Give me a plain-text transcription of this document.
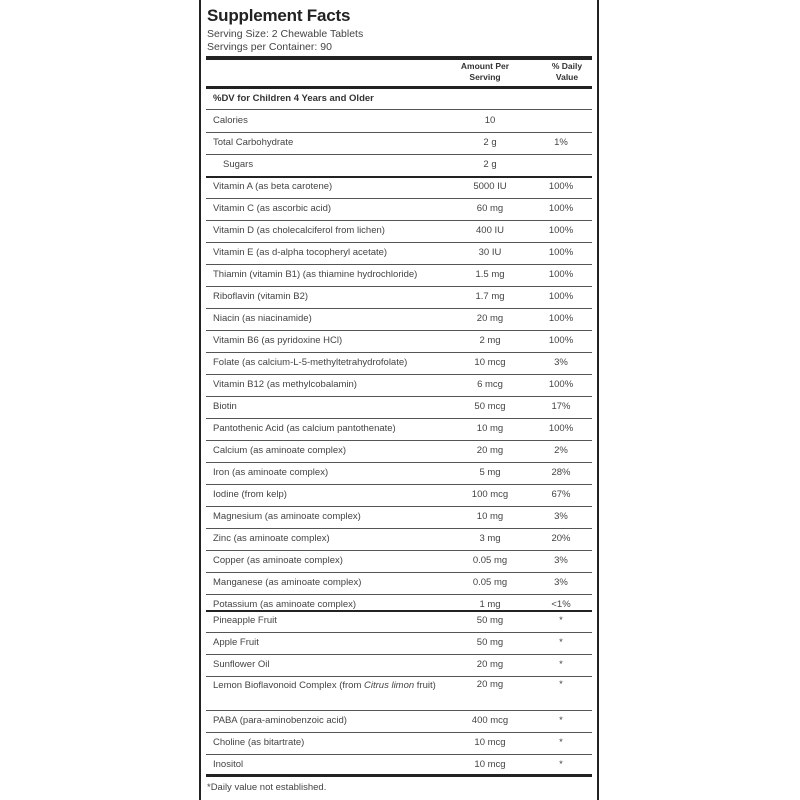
Supplement Facts
Serving Size: 2 Chewable Tablets
Servings per Container: 90
Amount Per
Serving
% Daily
Value
%DV for Children 4 Years and Older
Calories	10
Total Carbohydrate	2 g	1%
Sugars	2 g
Vitamin A (as beta carotene)	5000 IU	100%
Vitamin C (as ascorbic acid)	60 mg	100%
Vitamin D (as cholecalciferol from lichen)	400 IU	100%
Vitamin E (as d-alpha tocopheryl acetate)	30 IU	100%
Thiamin (vitamin B1) (as thiamine hydrochloride)	1.5 mg	100%
Riboflavin (vitamin B2)	1.7 mg	100%
Niacin (as niacinamide)	20 mg	100%
Vitamin B6 (as pyridoxine HCl)	2 mg	100%
Folate (as calcium-L-5-methyltetrahydrofolate)	10 mcg	3%
Vitamin B12 (as methylcobalamin)	6 mcg	100%
Biotin	50 mcg	17%
Pantothenic Acid (as calcium pantothenate)	10 mg	100%
Calcium (as aminoate complex)	20 mg	2%
Iron (as aminoate complex)	5 mg	28%
Iodine (from kelp)	100 mcg	67%
Magnesium (as aminoate complex)	10 mg	3%
Zinc (as aminoate complex)	3 mg	20%
Copper (as aminoate complex)	0.05 mg	3%
Manganese (as aminoate complex)	0.05 mg	3%
Potassium (as aminoate complex)	1 mg	<1%
Pineapple Fruit	50 mg	*
Apple Fruit	50 mg	*
Sunflower Oil	20 mg	*
Lemon Bioflavonoid Complex (from Citrus limon fruit)	20 mg	*
PABA (para-aminobenzoic acid)	400 mcg	*
Choline (as bitartrate)	10 mcg	*
Inositol	10 mcg	*
*Daily value not established.
